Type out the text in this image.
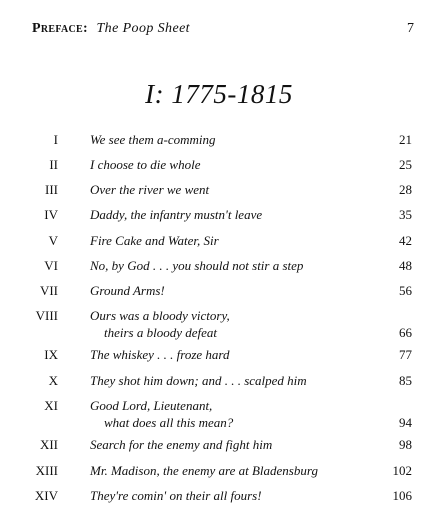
Preface: The Poop Sheet	7
I: 1775-1815
I We see them a-comming	21
II I choose to die whole	25
III Over the river we went	28
IV Daddy, the infantry mustn't leave	35
V Fire Cake and Water, Sir	42
VI No, by God . . . you should not stir a step	48
VII Ground Arms!	56
VIII Ours was a bloody victory,
theirs a bloody defeat	66
IX The whiskey . . . froze hard	77
X They shot him down; and . . . scalped him	85
XI Good Lord, Lieutenant,
what does all this mean?	94
XII Search for the enemy and fight him	98
XIII Mr. Madison, the enemy are at Bladensburg	102
XIV They're comin' on their all fours!	106
